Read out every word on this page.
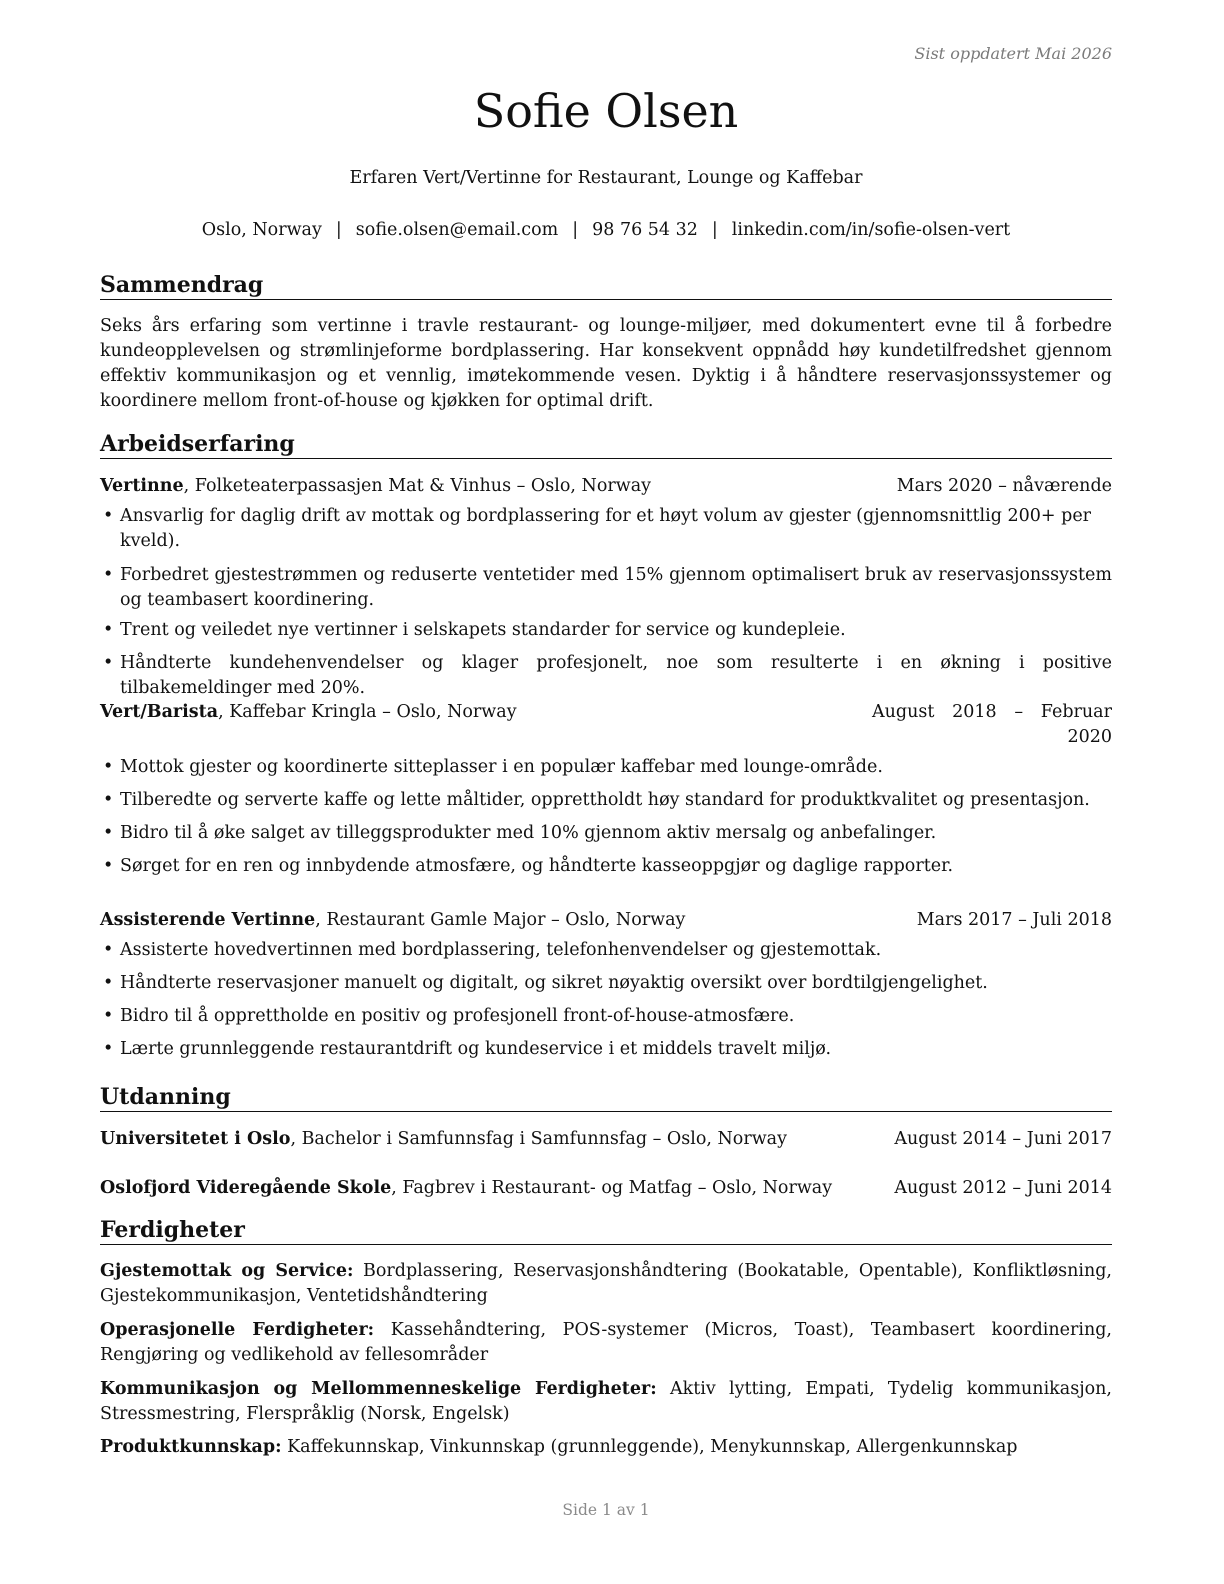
Sist oppdatert Mai 2026
Sofie Olsen
Erfaren Vert/Vertinne for Restaurant, Lounge og Kaffebar
Oslo, Norway | sofie.olsen@email.com | 98 76 54 32 | linkedin.com/in/sofie-olsen-vert
Sammendrag

Seks års erfaring som vertinne i travle restaurant- og lounge-miljøer, med dokumentert evne til å forbedre kundeopplevelsen og strømlinjeforme bordplassering. Har konsekvent oppnådd høy kundetilfredshet gjennom effektiv kommunikasjon og et vennlig, imøtekommende vesen. Dyktig i å håndtere reservasjonssystemer og koordinere mellom front-of-house og kjøkken for optimal drift.

Arbeidserfaring
Vertinne, Folketeaterpassasjen Mat & Vinhus – Oslo, Norway	Mars 2020 – nåværende
• Ansvarlig for daglig drift av mottak og bordplassering for et høyt volum av gjester (gjennomsnittlig 200+ per kveld).
• Forbedret gjestestrømmen og reduserte ventetider med 15% gjennom optimalisert bruk av reservasjonssystem og teambasert koordinering.
• Trent og veiledet nye vertinner i selskapets standarder for service og kundepleie.
• Håndterte kundehenvendelser og klager profesjonelt, noe som resulterte i en økning i positive tilbakemeldinger med 20%.
Vert/Barista, Kaffebar Kringla – Oslo, Norway	August 2018 – Februar 2020
• Mottok gjester og koordinerte sitteplasser i en populær kaffebar med lounge-område.
• Tilberedte og serverte kaffe og lette måltider, opprettholdt høy standard for produktkvalitet og presentasjon.
• Bidro til å øke salget av tilleggsprodukter med 10% gjennom aktiv mersalg og anbefalinger.
• Sørget for en ren og innbydende atmosfære, og håndterte kasseoppgjør og daglige rapporter.
Assisterende Vertinne, Restaurant Gamle Major – Oslo, Norway	Mars 2017 – Juli 2018
• Assisterte hovedvertinnen med bordplassering, telefonhenvendelser og gjestemottak.
• Håndterte reservasjoner manuelt og digitalt, og sikret nøyaktig oversikt over bordtilgjengelighet.
• Bidro til å opprettholde en positiv og profesjonell front-of-house-atmosfære.
• Lærte grunnleggende restaurantdrift og kundeservice i et middels travelt miljø.
Utdanning
Universitetet i Oslo, Bachelor i Samfunnsfag i Samfunnsfag – Oslo, Norway	August 2014 – Juni 2017
Oslofjord Videregående Skole, Fagbrev i Restaurant- og Matfag – Oslo, Norway	August 2012 – Juni 2014
Ferdigheter

Gjestemottak og Service: Bordplassering, Reservasjonshåndtering (Bookatable, Opentable), Konfliktløsning, Gjestekommunikasjon, Ventetidshåndtering

Operasjonelle Ferdigheter: Kassehåndtering, POS-systemer (Micros, Toast), Teambasert koordinering, Rengjøring og vedlikehold av fellesområder

Kommunikasjon og Mellommenneskelige Ferdigheter: Aktiv lytting, Empati, Tydelig kommunikasjon, Stressmestring, Flerspråklig (Norsk, Engelsk)

Produktkunnskap: Kaffekunnskap, Vinkunnskap (grunnleggende), Menykunnskap, Allergenkunnskap

Side 1 av 1
